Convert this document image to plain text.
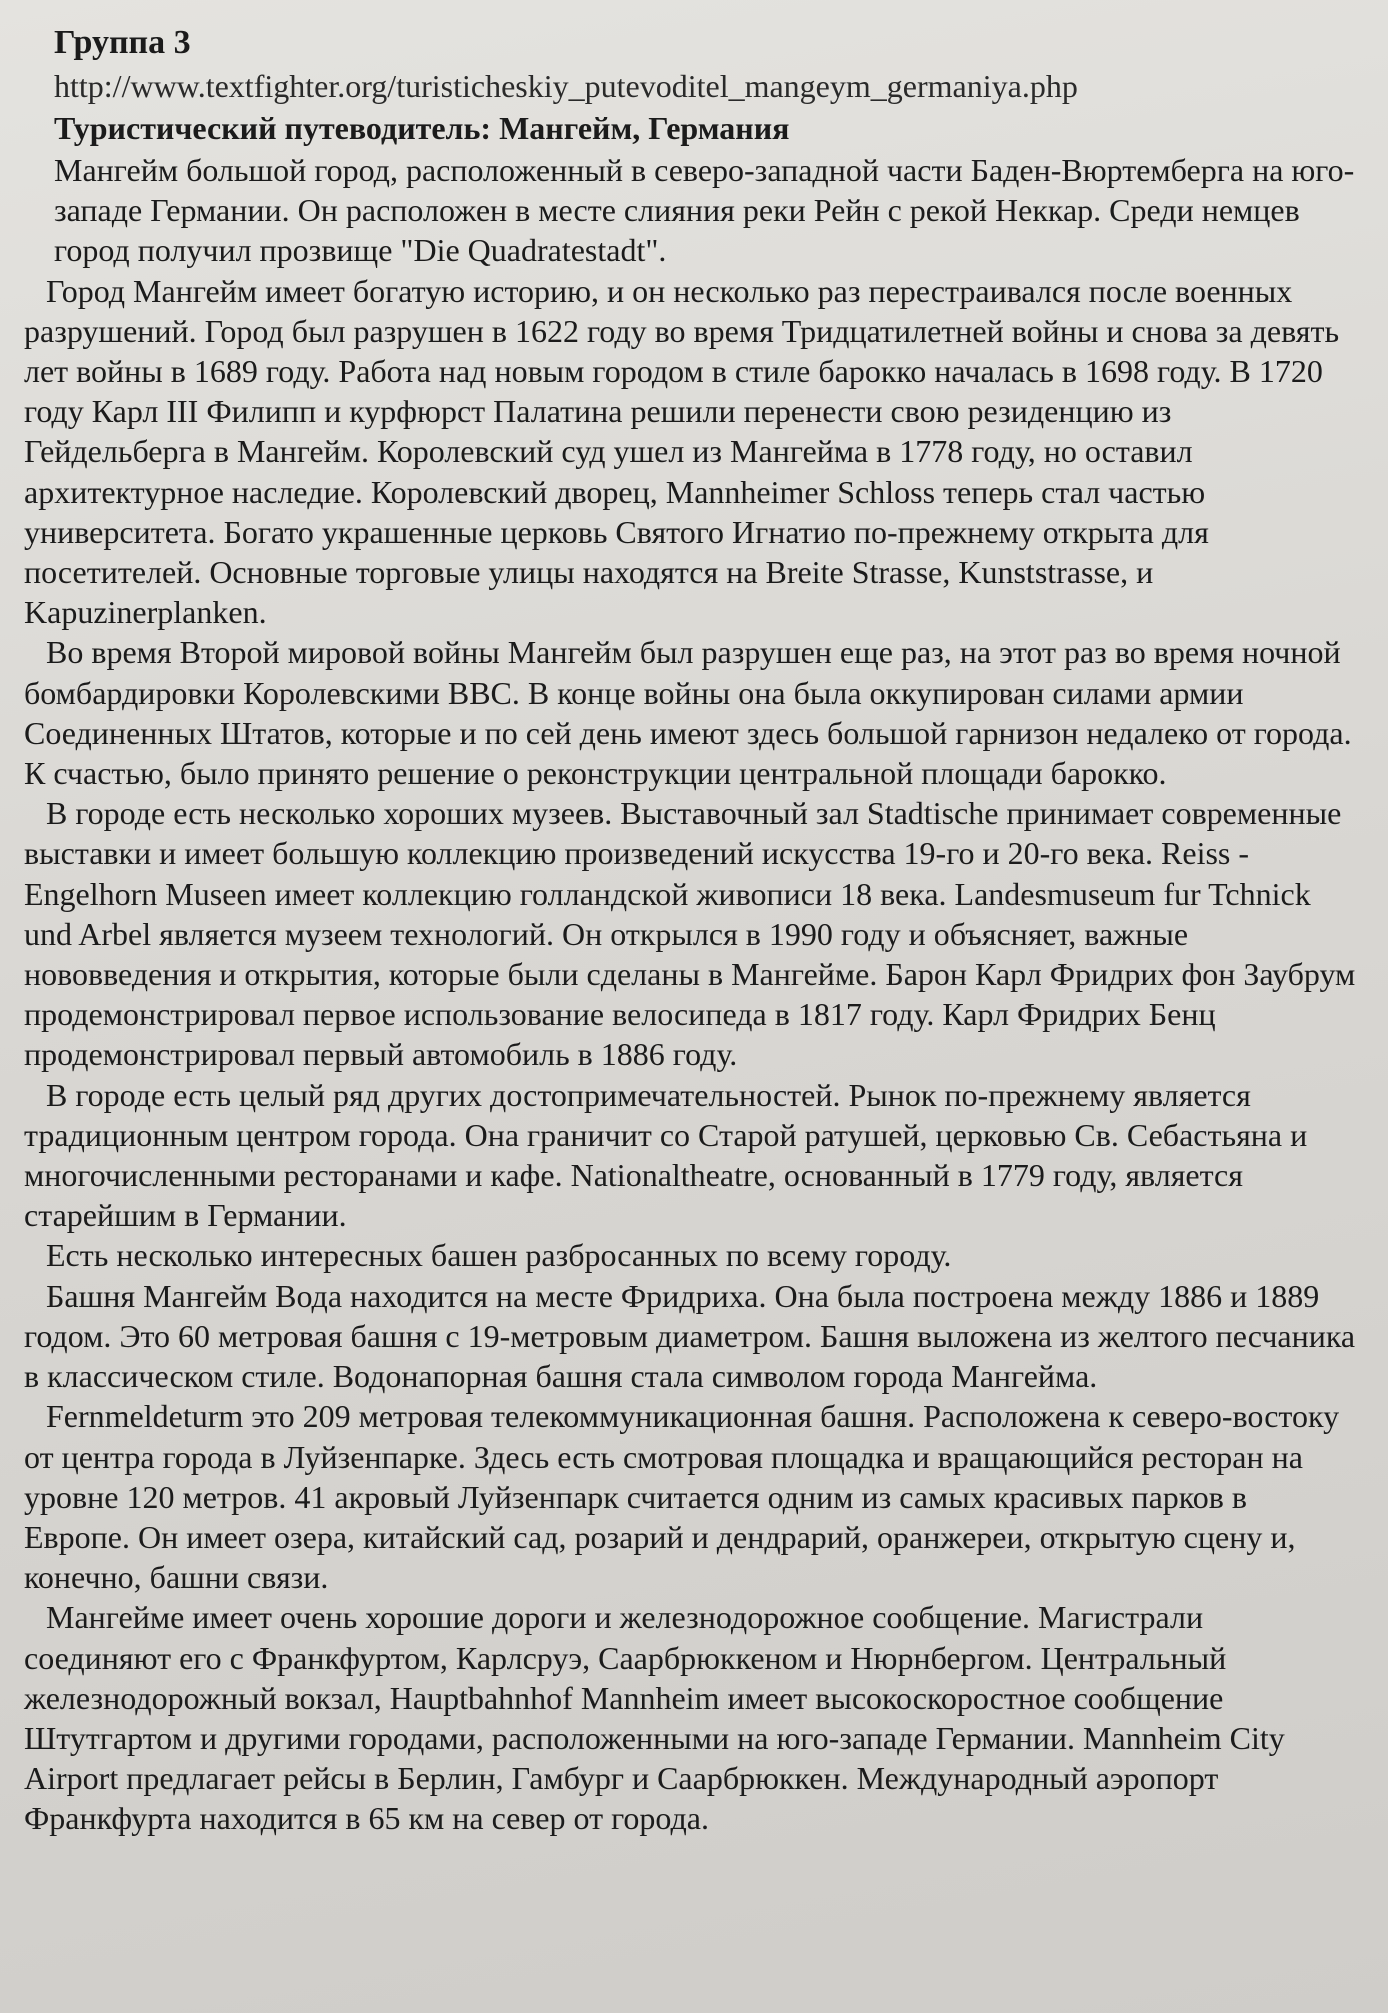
Группа 3
http://www.textfighter.org/turisticheskiy_putevoditel_mangeym_germaniya.php
Туристический путеводитель: Мангейм, Германия

Мангейм большой город, расположенный в северо-западной части Баден-Вюртемберга на юго-западе Германии. Он расположен в месте слияния реки Рейн с рекой Неккар. Среди немцев город получил прозвище "Die Quadratestadt".

Город Мангейм имеет богатую историю, и он несколько раз перестраивался после военных разрушений. Город был разрушен в 1622 году во время Тридцатилетней войны и снова за девять лет войны в 1689 году. Работа над новым городом в стиле барокко началась в 1698 году. В 1720 году Карл III Филипп и курфюрст Палатина решили перенести свою резиденцию из Гейдельберга в Мангейм. Королевский суд ушел из Мангейма в 1778 году, но оставил архитектурное наследие. Королевский дворец, Mannheimer Schloss теперь стал частью университета. Богато украшенные церковь Святого Игнатио по-прежнему открыта для посетителей. Основные торговые улицы находятся на Breite Strasse, Kunststrasse, и Kapuzinerplanken.

Во время Второй мировой войны Мангейм был разрушен еще раз, на этот раз во время ночной бомбардировки Королевскими ВВС. В конце войны она была оккупирован силами армии Соединенных Штатов, которые и по сей день имеют здесь большой гарнизон недалеко от города. К счастью, было принято решение о реконструкции центральной площади барокко.

В городе есть несколько хороших музеев. Выставочный зал Stadtische принимает современные выставки и имеет большую коллекцию произведений искусства 19-го и 20-го века. Reiss - Engelhorn Museen имеет коллекцию голландской живописи 18 века. Landesmuseum fur Tchnick und Arbel является музеем технологий. Он открылся в 1990 году и объясняет, важные нововведения и открытия, которые были сделаны в Мангейме. Барон Карл Фридрих фон Заубрум продемонстрировал первое использование велосипеда в 1817 году. Карл Фридрих Бенц продемонстрировал первый автомобиль в 1886 году.

В городе есть целый ряд других достопримечательностей. Рынок по-прежнему является традиционным центром города. Она граничит со Старой ратушей, церковью Св. Себастьяна и многочисленными ресторанами и кафе. Nationaltheatre, основанный в 1779 году, является старейшим в Германии.

Есть несколько интересных башен разбросанных по всему городу.

Башня Мангейм Вода находится на месте Фридриха. Она была построена между 1886 и 1889 годом. Это 60 метровая башня с 19-метровым диаметром. Башня выложена из желтого песчаника в классическом стиле. Водонапорная башня стала символом города Мангейма.

Fernmeldeturm это 209 метровая телекоммуникационная башня. Расположена к северо-востоку от центра города в Луйзенпарке. Здесь есть смотровая площадка и вращающийся ресторан на уровне 120 метров. 41 акровый Луйзенпарк считается одним из самых красивых парков в Европе. Он имеет озера, китайский сад, розарий и дендрарий, оранжереи, открытую сцену и, конечно, башни связи.

Мангейме имеет очень хорошие дороги и железнодорожное сообщение. Магистрали соединяют его с Франкфуртом, Карлсруэ, Саарбрюккеном и Нюрнбергом. Центральный железнодорожный вокзал, Hauptbahnhof Mannheim имеет высокоскоростное сообщение Штутгартом и другими городами, расположенными на юго-западе Германии. Mannheim City Airport предлагает рейсы в Берлин, Гамбург и Саарбрюккен. Международный аэропорт Франкфурта находится в 65 км на север от города.
